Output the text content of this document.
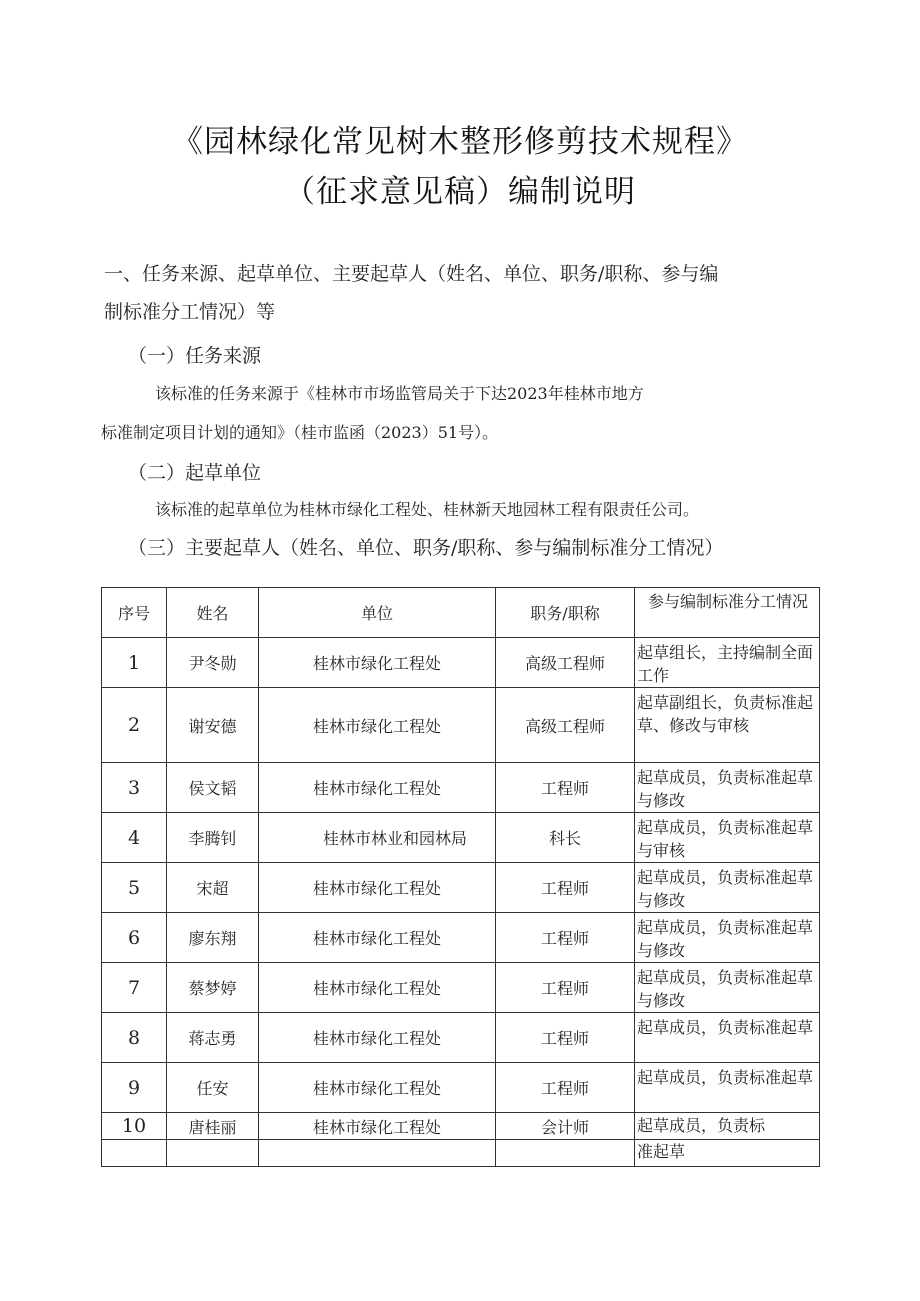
《园林绿化常见树木整形修剪技术规程》
（征求意见稿）编制说明

一、任务来源、起草单位、主要起草人（姓名、单位、职务/职称、参与编

制标准分工情况）等

（一）任务来源

该标准的任务来源于《桂林市市场监管局关于下达2023年桂林市地方

标准制定项目计划的通知》（桂市监函（2023）51号）。

（二）起草单位

该标准的起草单位为桂林市绿化工程处、桂林新天地园林工程有限责任公司。

（三）主要起草人（姓名、单位、职务/职称、参与编制标准分工情况）

序号	姓名	单位	职务/职称	参与编制标准分工情况
1	尹冬勋	桂林市绿化工程处	高级工程师	起草组长，主持编制全面工作
2	谢安德	桂林市绿化工程处	高级工程师	起草副组长，负责标准起草、修改与审核
3	侯文韬	桂林市绿化工程处	工程师	起草成员，负责标准起草与修改
4	李腾钊	桂林市林业和园林局	科长	起草成员，负责标准起草与审核
5	宋超	桂林市绿化工程处	工程师	起草成员，负责标准起草与修改
6	廖东翔	桂林市绿化工程处	工程师	起草成员，负责标准起草与修改
7	蔡梦婷	桂林市绿化工程处	工程师	起草成员，负责标准起草与修改
8	蒋志勇	桂林市绿化工程处	工程师	起草成员，负责标准起草
9	任安	桂林市绿化工程处	工程师	起草成员，负责标准起草
10	唐桂丽	桂林市绿化工程处	会计师	起草成员，负责标
				准起草
